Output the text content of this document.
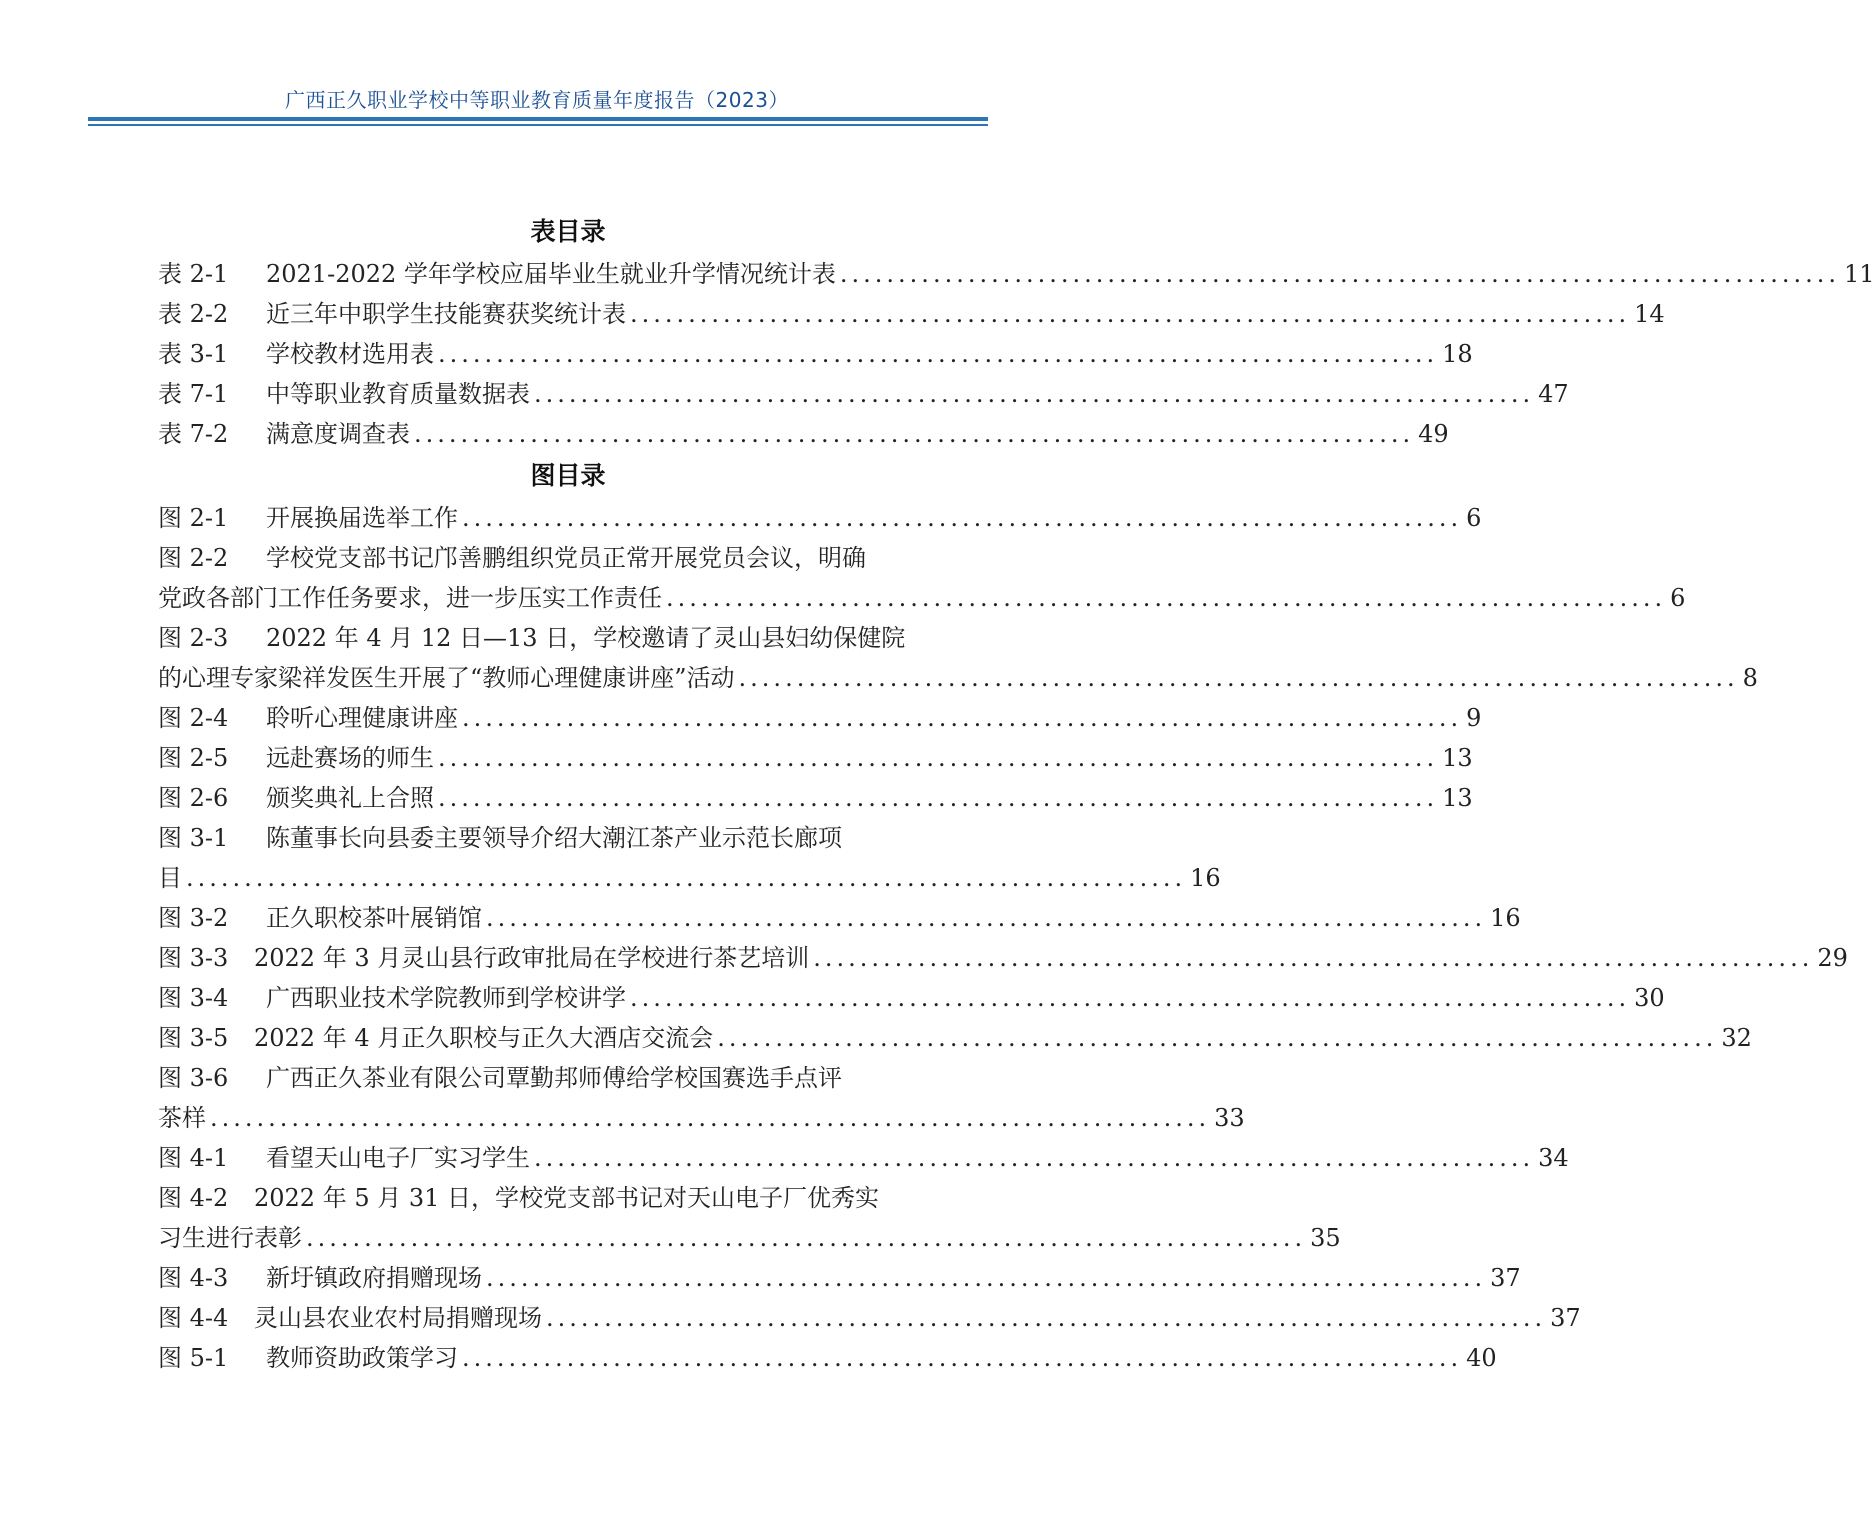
广西正久职业学校中等职业教育质量年度报告（2023）
表目录
表 2-1	2021-2022 学年学校应届毕业生就业升学情况统计表 ...................................................................................... 11
表 2-2	近三年中职学生技能赛获奖统计表 ...................................................................................... 14
表 3-1	学校教材选用表 ...................................................................................... 18
表 7-1	中等职业教育质量数据表 ...................................................................................... 47
表 7-2	满意度调查表 ...................................................................................... 49
图目录
图 2-1	开展换届选举工作 ...................................................................................... 6
图 2-2	学校党支部书记邝善鹏组织党员正常开展党员会议，明确
党政各部门工作任务要求，进一步压实工作责任 ...................................................................................... 6
图 2-3	2022 年 4 月 12 日—13 日，学校邀请了灵山县妇幼保健院
的心理专家梁祥发医生开展了“教师心理健康讲座”活动 ...................................................................................... 8
图 2-4	聆听心理健康讲座 ...................................................................................... 9
图 2-5	远赴赛场的师生 ...................................................................................... 13
图 2-6	颁奖典礼上合照 ...................................................................................... 13
图 3-1	陈董事长向县委主要领导介绍大潮江茶产业示范长廊项
目 ...................................................................................... 16
图 3-2	正久职校茶叶展销馆 ...................................................................................... 16
图 3-3	2022 年 3 月灵山县行政审批局在学校进行茶艺培训 ...................................................................................... 29
图 3-4	广西职业技术学院教师到学校讲学 ...................................................................................... 30
图 3-5	2022 年 4 月正久职校与正久大酒店交流会 ...................................................................................... 32
图 3-6	广西正久茶业有限公司覃勤邦师傅给学校国赛选手点评
茶样 ...................................................................................... 33
图 4-1	看望天山电子厂实习学生 ...................................................................................... 34
图 4-2	2022 年 5 月 31 日，学校党支部书记对天山电子厂优秀实
习生进行表彰 ...................................................................................... 35
图 4-3	新圩镇政府捐赠现场 ...................................................................................... 37
图 4-4	灵山县农业农村局捐赠现场 ...................................................................................... 37
图 5-1	教师资助政策学习 ...................................................................................... 40
